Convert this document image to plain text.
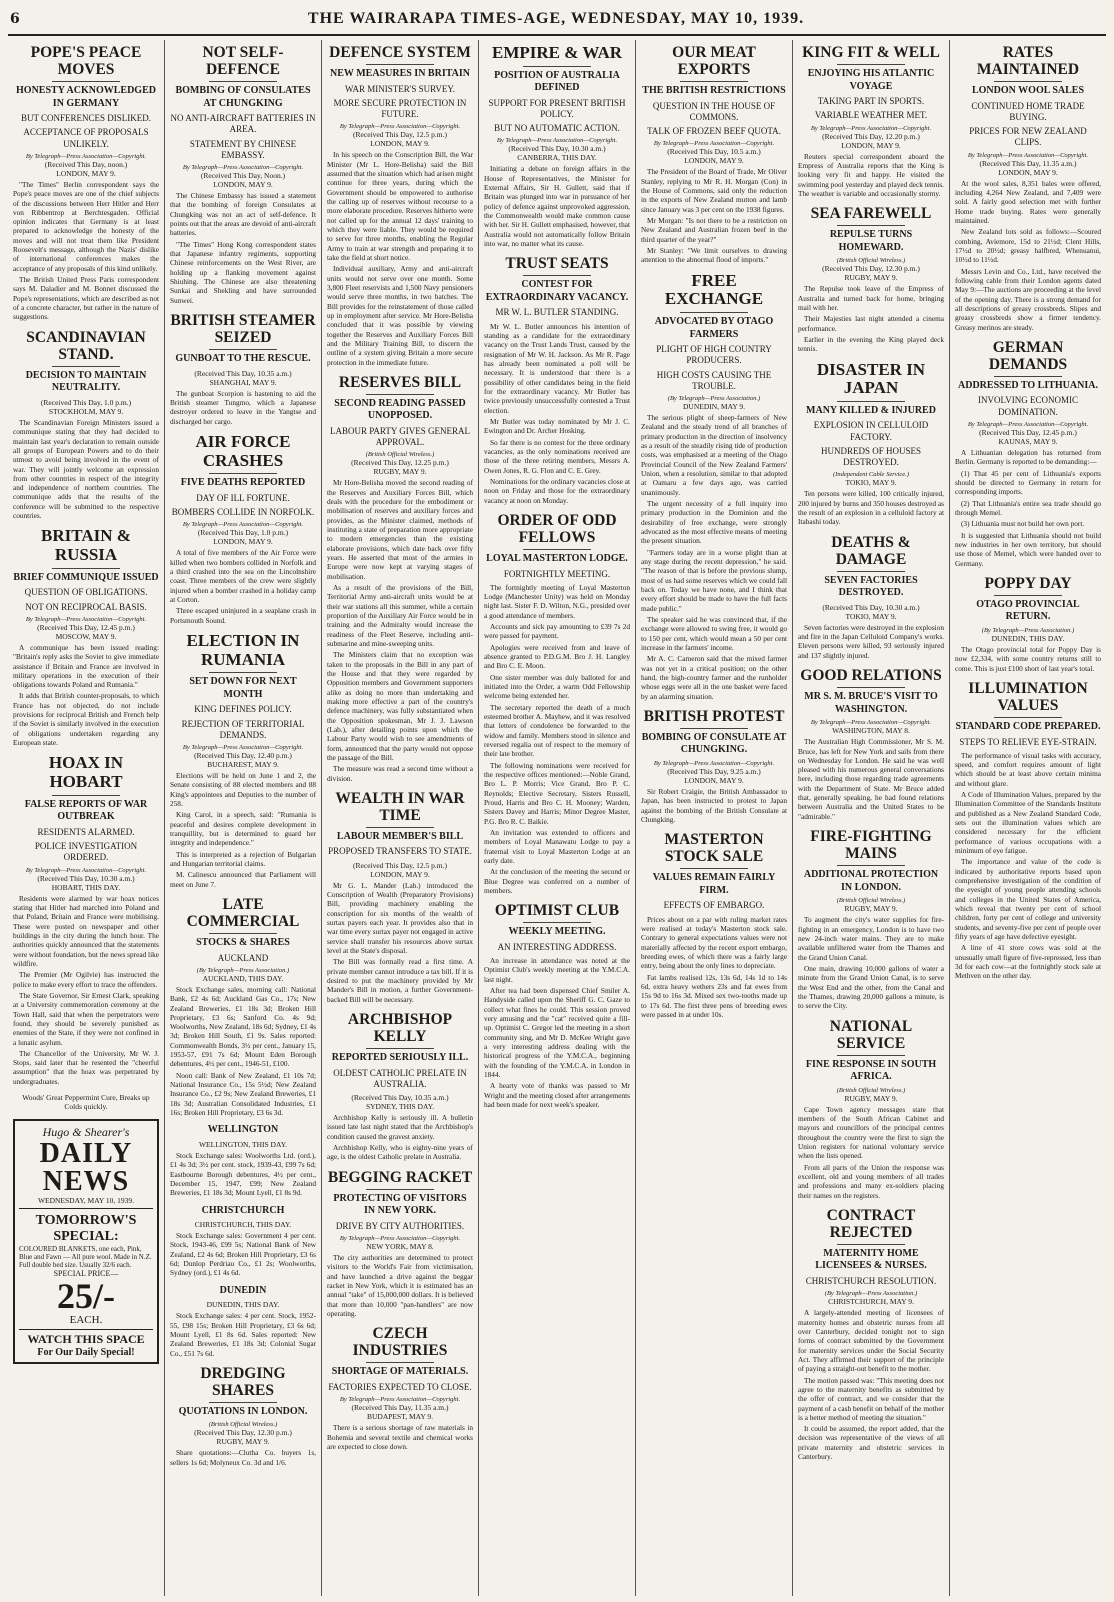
6	THE WAIRARAPA TIMES-AGE, WEDNESDAY, MAY 10, 1939.
POPE'S PEACE MOVES
HONESTY ACKNOWLEDGED IN GERMANY
BUT CONFERENCES DISLIKED.
ACCEPTANCE OF PROPOSALS UNLIKELY.
By Telegraph—Press Association—Copyright.
(Received This Day, noon.)
LONDON, MAY 9.

"The Times" Berlin correspondent says the Pope's peace moves are one of the chief subjects of the discussions between Herr Hitler and Herr von Ribbentrop at Berchtesgaden. Official opinion indicates that Germany is at least prepared to acknowledge the honesty of the moves and will not treat them like President Roosevelt's message, although the Nazis' dislike of international conferences makes the acceptance of any proposals of this kind unlikely.

The British United Press Paris correspondent says M. Daladier and M. Bonnet discussed the Pope's representations, which are described as not of a concrete character, but rather in the nature of suggestions.

SCANDINAVIAN STAND.
DECISION TO MAINTAIN NEUTRALITY.
(Received This Day, 1.0 p.m.)
STOCKHOLM, MAY 9.

The Scandinavian Foreign Ministers issued a communique stating that they had decided to maintain last year's declaration to remain outside all groups of European Powers and to do their utmost to avoid being involved in the event of war. They will jointly welcome an expression from other countries in respect of the integrity and independence of northern countries. The communique adds that the results of the conference will be submitted to the respective countries.

BRITAIN & RUSSIA
BRIEF COMMUNIQUE ISSUED
QUESTION OF OBLIGATIONS.
NOT ON RECIPROCAL BASIS.
By Telegraph—Press Association—Copyright.
(Received This Day, 12.45 p.m.)
MOSCOW, MAY 9.

A communique has been issued reading: "Britain's reply asks the Soviet to give immediate assistance if Britain and France are involved in military operations in the execution of their obligations towards Poland and Rumania."

It adds that British counter-proposals, to which France has not objected, do not include provisions for reciprocal British and French help if the Soviet is similarly involved in the execution of obligations undertaken regarding any European state.

HOAX IN HOBART
FALSE REPORTS OF WAR OUTBREAK
RESIDENTS ALARMED.
POLICE INVESTIGATION ORDERED.
By Telegraph—Press Association—Copyright.
(Received This Day, 10.30 a.m.)
HOBART, THIS DAY.

Residents were alarmed by war hoax notices stating that Hitler had marched into Poland and that Poland, Britain and France were mobilising. These were posted on newspaper and other buildings in the city during the lunch hour. The authorities quickly announced that the statements were without foundation, but the news spread like wildfire.

The Premier (Mr Ogilvie) has instructed the police to make every effort to trace the offenders.

The State Governor, Sir Ernest Clark, speaking at a University commemoration ceremony at the Town Hall, said that when the perpetrators were found, they should be severely punished as enemies of the State, if they were not confined in a lunatic asylum.

The Chancellor of the University, Mr W. J. Stops, said later that he resented the "cheerful assumption" that the hoax was perpetrated by undergraduates.

Woods' Great Peppermint Cure, Breaks up Colds quickly.
Hugo & Shearer's
DAILY NEWS
WEDNESDAY, MAY 10, 1939.
TOMORROW'S SPECIAL:
COLOURED BLANKETS, one each, Pink, Blue and Fawn — All pure wool. Made in N.Z. Full double bed size. Usually 32/6 each.
SPECIAL PRICE—
25/-
EACH.
WATCH THIS SPACE
For Our Daily Special!
NOT SELF-DEFENCE
BOMBING OF CONSULATES AT CHUNGKING
NO ANTI-AIRCRAFT BATTERIES IN AREA.
STATEMENT BY CHINESE EMBASSY.
By Telegraph—Press Association—Copyright.
(Received This Day, Noon.)
LONDON, MAY 9.

The Chinese Embassy has issued a statement that the bombing of foreign Consulates at Chungking was not an act of self-defence. It points out that the areas are devoid of anti-aircraft batteries.

"The Times" Hong Kong correspondent states that Japanese infantry regiments, supporting Chinese reinforcements on the West River, are holding up a flanking movement against Shiuhing. The Chinese are also threatening Sunkai and Shekling and have surrounded Sunwei.

BRITISH STEAMER SEIZED
GUNBOAT TO THE RESCUE.
(Received This Day, 10.35 a.m.)
SHANGHAI, MAY 9.

The gunboat Scorpion is hastening to aid the British steamer Tungmo, which a Japanese destroyer ordered to leave in the Yangtse and discharged her cargo.

AIR FORCE CRASHES
FIVE DEATHS REPORTED
DAY OF ILL FORTUNE.
BOMBERS COLLIDE IN NORFOLK.
By Telegraph—Press Association—Copyright.
(Received This Day, 1.0 p.m.)
LONDON, MAY 9.

A total of five members of the Air Force were killed when two bombers collided in Norfolk and a third crashed into the sea on the Lincolnshire coast. Three members of the crew were slightly injured when a bomber crashed in a holiday camp at Corton.

Three escaped uninjured in a seaplane crash in Portsmouth Sound.

ELECTION IN RUMANIA
SET DOWN FOR NEXT MONTH
KING DEFINES POLICY.
REJECTION OF TERRITORIAL DEMANDS.
By Telegraph—Press Association—Copyright.
(Received This Day, 12.40 p.m.)
BUCHAREST, MAY 9.

Elections will be held on June 1 and 2, the Senate consisting of 88 elected members and 88 King's appointees and Deputies to the number of 258.

King Carol, in a speech, said: "Rumania is peaceful and desires complete development in tranquillity, but is determined to guard her integrity and independence."

This is interpreted as a rejection of Bulgarian and Hungarian territorial claims.

M. Calinescu announced that Parliament will meet on June 7.

LATE COMMERCIAL
STOCKS & SHARES
AUCKLAND
(By Telegraph—Press Association.)
AUCKLAND, THIS DAY.

Stock Exchange sales, morning call: National Bank, £2 4s 6d; Auckland Gas Co., 17s; New Zealand Breweries, £1 18s 3d; Broken Hill Proprietary, £3 6s; Sanford Co. 4s 9d; Woolworths, New Zealand, 18s 6d; Sydney, £1 4s 3d; Broken Hill South, £1 9s. Sales reported: Commonwealth Bonds, 3½ per cent., January 15, 1953-57, £91 7s 6d; Mount Eden Borough debentures, 4½ per cent., 1946-51, £100.

Noon call: Bank of New Zealand, £1 10s 7d; National Insurance Co., 15s 5½d; New Zealand Insurance Co., £2 9s; New Zealand Breweries, £1 18s 3d; Australian Consolidated Industries, £1 16s; Broken Hill Proprietary, £3 6s 3d.

WELLINGTON
WELLINGTON, THIS DAY.

Stock Exchange sales: Woolworths Ltd. (ord.), £1 4s 3d; 3½ per cent. stock, 1939-43, £99 7s 6d; Eastbourne Borough debentures, 4½ per cent., December 15, 1947, £99; New Zealand Breweries, £1 18s 3d; Mount Lyell, £1 8s 9d.

CHRISTCHURCH
CHRISTCHURCH, THIS DAY.

Stock Exchange sales: Government 4 per cent. Stock, 1943-46, £99 5s; National Bank of New Zealand, £2 4s 6d; Broken Hill Proprietary, £3 6s 6d; Dunlop Perdriau Co., £1 2s; Woolworths, Sydney (ord.), £1 4s 6d.

DUNEDIN
DUNEDIN, THIS DAY.

Stock Exchange sales: 4 per cent. Stock, 1952-55, £98 15s; Broken Hill Proprietary, £3 6s 6d; Mount Lyell, £1 8s 6d. Sales reported: New Zealand Breweries, £1 18s 3d; Colonial Sugar Co., £51 7s 6d.

DREDGING SHARES
QUOTATIONS IN LONDON.
(British Official Wireless.)
(Received This Day, 12.30 p.m.)
RUGBY, MAY 9.

Share quotations:—Clutha Co. buyers 1s, sellers 1s 6d; Molyneux Co. 3d and 1/6.

DEFENCE SYSTEM
NEW MEASURES IN BRITAIN
WAR MINISTER'S SURVEY.
MORE SECURE PROTECTION IN FUTURE.
By Telegraph—Press Association—Copyright.
(Received This Day, 12.5 p.m.)
LONDON, MAY 9.

In his speech on the Conscription Bill, the War Minister (Mr L. Hore-Belisha) said the Bill assumed that the situation which had arisen might continue for three years, during which the Government should be empowered to authorise the calling up of reserves without recourse to a more elaborate procedure. Reserves hitherto were not called up for the annual 12 days' training to which they were liable. They would be required to serve for three months, enabling the Regular Army to train at war strength and preparing it to take the field at short notice.

Individual auxiliary, Army and anti-aircraft units would not serve over one month. Some 3,800 Fleet reservists and 1,500 Navy pensioners would serve three months, in two batches. The Bill provides for the reinstatement of those called up in employment after service. Mr Hore-Belisha concluded that it was possible by viewing together the Reserves and Auxiliary Forces Bill and the Military Training Bill, to discern the outline of a system giving Britain a more secure protection in the immediate future.

RESERVES BILL
SECOND READING PASSED UNOPPOSED.
LABOUR PARTY GIVES GENERAL APPROVAL.
(British Official Wireless.)
(Received This Day, 12.25 p.m.)
RUGBY, MAY 9.

Mr Hore-Belisha moved the second reading of the Reserves and Auxiliary Forces Bill, which deals with the procedure for the embodiment or mobilisation of reserves and auxiliary forces and provides, as the Minister claimed, methods of instituting a state of preparation more appropriate to modern emergencies than the existing elaborate provisions, which date back over fifty years. He asserted that most of the armies in Europe were now kept at varying stages of mobilisation.

As a result of the provisions of the Bill, Territorial Army anti-aircraft units would be at their war stations all this summer, while a certain proportion of the Auxiliary Air Force would be in training and the Admiralty would increase the readiness of the Fleet Reserve, including anti-submarine and mine-sweeping units.

The Ministers claim that no exception was taken to the proposals in the Bill in any part of the House and that they were regarded by Opposition members and Government supporters alike as doing no more than undertaking and making more effective a part of the country's defence machinery, was fully substantiated when the Opposition spokesman, Mr J. J. Lawson (Lab.), after detailing points upon which the Labour Party would wish to see amendments of form, announced that the party would not oppose the passage of the Bill.

The measure was read a second time without a division.

WEALTH IN WAR TIME
LABOUR MEMBER'S BILL
PROPOSED TRANSFERS TO STATE.
(Received This Day, 12.5 p.m.)
LONDON, MAY 9.

Mr G. L. Mander (Lab.) introduced the Conscription of Wealth (Preparatory Provisions) Bill, providing machinery enabling the conscription for six months of the wealth of surtax payers each year. It provides also that in war time every surtax payer not engaged in active service shall transfer his resources above surtax level at the State's disposal.

The Bill was formally read a first time. A private member cannot introduce a tax bill. If it is desired to put the machinery provided by Mr Mander's Bill in motion, a further Government-backed Bill will be necessary.

ARCHBISHOP KELLY
REPORTED SERIOUSLY ILL.
OLDEST CATHOLIC PRELATE IN AUSTRALIA.
(Received This Day, 10.35 a.m.)
SYDNEY, THIS DAY.

Archbishop Kelly is seriously ill. A bulletin issued late last night stated that the Archbishop's condition caused the gravest anxiety.

Archbishop Kelly, who is eighty-nine years of age, is the oldest Catholic prelate in Australia.

BEGGING RACKET
PROTECTING OF VISITORS IN NEW YORK.
DRIVE BY CITY AUTHORITIES.
By Telegraph—Press Association—Copyright.
NEW YORK, MAY 8.

The city authorities are determined to protect visitors to the World's Fair from victimisation, and have launched a drive against the beggar racket in New York, which it is estimated has an annual "take" of 15,000,000 dollars. It is believed that more than 10,000 "pan-handlers" are now operating.

CZECH INDUSTRIES
SHORTAGE OF MATERIALS.
FACTORIES EXPECTED TO CLOSE.
By Telegraph—Press Association—Copyright.
(Received This Day, 11.35 a.m.)
BUDAPEST, MAY 9.

There is a serious shortage of raw materials in Bohemia and several textile and chemical works are expected to close down.

EMPIRE & WAR
POSITION OF AUSTRALIA DEFINED
SUPPORT FOR PRESENT BRITISH POLICY.
BUT NO AUTOMATIC ACTION.
By Telegraph—Press Association—Copyright.
(Received This Day, 10.30 a.m.)
CANBERRA, THIS DAY.

Initiating a debate on foreign affairs in the House of Representatives, the Minister for External Affairs, Sir H. Gullett, said that if Britain was plunged into war in pursuance of her policy of defence against unprovoked aggression, the Commonwealth would make common cause with her. Sir H. Gullett emphasised, however, that Australia would not automatically follow Britain into war, no matter what its cause.

TRUST SEATS
CONTEST FOR EXTRAORDINARY VACANCY.
MR W. L. BUTLER STANDING.

Mr W. L. Butler announces his intention of standing as a candidate for the extraordinary vacancy on the Trust Lands Trust, caused by the resignation of Mr W. H. Jackson. As Mr R. Page has already been nominated a poll will be necessary. It is understood that there is a possibility of other candidates being in the field for the extraordinary vacancy. Mr Butler has twice previously unsuccessfully contested a Trust election.

Mr Butler was today nominated by Mr J. C. Ewington and Dr. Archer Hosking.

So far there is no contest for the three ordinary vacancies, as the only nominations received are those of the three retiring members, Messrs A. Owen Jones, R. G. Flon and C. E. Grey.

Nominations for the ordinary vacancies close at noon on Friday and those for the extraordinary vacancy at noon on Monday.

ORDER OF ODD FELLOWS
LOYAL MASTERTON LODGE.
FORTNIGHTLY MEETING.

The fortnightly meeting of Loyal Masterton Lodge (Manchester Unity) was held on Monday night last. Sister F. D. Wilton, N.G., presided over a good attendance of members.

Accounts and sick pay amounting to £39 7s 2d were passed for payment.

Apologies were received from and leave of absence granted to P.D.G.M. Bro J. H. Langley and Bro C. E. Moon.

One sister member was duly balloted for and initiated into the Order, a warm Odd Fellowship welcome being extended her.

The secretary reported the death of a much esteemed brother A. Mayhew, and it was resolved that letters of condolence be forwarded to the widow and family. Members stood in silence and reversed regalia out of respect to the memory of their late brother.

The following nominations were received for the respective offices mentioned:—Noble Grand, Bro L. P. Morris; Vice Grand, Bro P. C. Reynolds; Elective Secretary, Sisters Russell, Proud, Harris and Bro C. H. Mooney; Warden, Sisters Davey and Harris; Minor Degree Master, P.G. Bro R. C. Baikie.

An invitation was extended to officers and members of Loyal Manawatu Lodge to pay a fraternal visit to Loyal Masterton Lodge at an early date.

At the conclusion of the meeting the second or Blue Degree was conferred on a number of members.

OPTIMIST CLUB
WEEKLY MEETING.
AN INTERESTING ADDRESS.

An increase in attendance was noted at the Optimist Club's weekly meeting at the Y.M.C.A. last night.

After tea had been dispensed Chief Smiler A. Handyside called upon the Sheriff G. C. Gaze to collect what fines he could. This session proved very amusing and the "cat" received quite a fill-up. Optimist C. Gregor led the meeting in a short community sing, and Mr D. McKee Wright gave a very interesting address dealing with the historical progress of the Y.M.C.A., beginning with the founding of the Y.M.C.A. in London in 1844.

A hearty vote of thanks was passed to Mr Wright and the meeting closed after arrangements had been made for next week's speaker.

OUR MEAT EXPORTS
THE BRITISH RESTRICTIONS
QUESTION IN THE HOUSE OF COMMONS.
TALK OF FROZEN BEEF QUOTA.
By Telegraph—Press Association—Copyright.
(Received This Day, 10.5 a.m.)
LONDON, MAY 9.

The President of the Board of Trade, Mr Oliver Stanley, replying to Mr R. H. Morgan (Con) in the House of Commons, said only the reduction in the exports of New Zealand mutton and lamb since January was 3 per cent on the 1938 figures.

Mr Morgan: "Is not there to be a restriction on New Zealand and Australian frozen beef in the third quarter of the year?"

Mr Stanley: "We limit ourselves to drawing attention to the abnormal flood of imports."

FREE EXCHANGE
ADVOCATED BY OTAGO FARMERS
PLIGHT OF HIGH COUNTRY PRODUCERS.
HIGH COSTS CAUSING THE TROUBLE.
(By Telegraph—Press Association.)
DUNEDIN, MAY 9.

The serious plight of sheep-farmers of New Zealand and the steady trend of all branches of primary production in the direction of insolvency as a result of the steadily rising tide of production costs, was emphasised at a meeting of the Otago Provincial Council of the New Zealand Farmers' Union, when a resolution, similar to that adopted at Oamaru a few days ago, was carried unanimously.

The urgent necessity of a full inquiry into primary production in the Dominion and the desirability of free exchange, were strongly advocated as the most effective means of meeting the present situation.

"Farmers today are in a worse plight than at any stage during the recent depression," he said. "The reason of that is before the previous slump, most of us had some reserves which we could fall back on. Today we have none, and I think that every effort should be made to have the full facts made public."

The speaker said he was convinced that, if the exchange were allowed to swing free, it would go to 150 per cent, which would mean a 50 per cent increase in the farmers' income.

Mr A. C. Cameron said that the mixed farmer was not yet in a critical position; on the other hand, the high-country farmer and the runholder whose eggs were all in the one basket were faced by an alarming situation.

BRITISH PROTEST
BOMBING OF CONSULATE AT CHUNGKING.
By Telegraph—Press Association—Copyright.
(Received This Day, 9.25 a.m.)
LONDON, MAY 9.

Sir Robert Craigie, the British Ambassador to Japan, has been instructed to protest to Japan against the bombing of the British Consulate at Chungking.

MASTERTON STOCK SALE
VALUES REMAIN FAIRLY FIRM.
EFFECTS OF EMBARGO.

Prices about on a par with ruling market rates were realised at today's Masterton stock sale. Contrary to general expectations values were not materially affected by the recent export embargo, breeding ewes, of which there was a fairly large entry, being about the only lines to depreciate.

Fat lambs realised 12s, 13s 6d, 14s 1d to 14s 6d, extra heavy wethers 23s and fat ewes from 15s 9d to 16s 3d. Mixed sex two-tooths made up to 17s 6d. The first three pens of breeding ewes were passed in at under 10s.

KING FIT & WELL
ENJOYING HIS ATLANTIC VOYAGE
TAKING PART IN SPORTS.
VARIABLE WEATHER MET.
By Telegraph—Press Association—Copyright.
(Received This Day, 12.20 p.m.)
LONDON, MAY 9.

Reuters special correspondent aboard the Empress of Australia reports that the King is looking very fit and happy. He visited the swimming pool yesterday and played deck tennis. The weather is variable and occasionally stormy.

SEA FAREWELL
REPULSE TURNS HOMEWARD.
(British Official Wireless.)
(Received This Day, 12.30 p.m.)
RUGBY, MAY 9.

The Repulse took leave of the Empress of Australia and turned back for home, bringing mail with her.

Their Majesties last night attended a cinema performance.

Earlier in the evening the King played deck tennis.

DISASTER IN JAPAN
MANY KILLED & INJURED
EXPLOSION IN CELLULOID FACTORY.
HUNDREDS OF HOUSES DESTROYED.
(Independent Cable Service.)
TOKIO, MAY 9.

Ten persons were killed, 100 critically injured, 200 injured by burns and 350 houses destroyed as the result of an explosion in a celluloid factory at Itabashi today.

DEATHS & DAMAGE
SEVEN FACTORIES DESTROYED.
(Received This Day, 10.30 a.m.)
TOKIO, MAY 9.

Seven factories were destroyed in the explosion and fire in the Japan Celluloid Company's works. Eleven persons were killed, 93 seriously injured and 137 slightly injured.

GOOD RELATIONS
MR S. M. BRUCE'S VISIT TO WASHINGTON.
By Telegraph—Press Association—Copyright.
WASHINGTON, MAY 8.

The Australian High Commissioner, Mr S. M. Bruce, has left for New York and sails from there on Wednesday for London. He said he was well pleased with his numerous general conversations here, including those regarding trade agreements with the Department of State. Mr Bruce added that, generally speaking, he had found relations between Australia and the United States to be "admirable."

FIRE-FIGHTING MAINS
ADDITIONAL PROTECTION IN LONDON.
(British Official Wireless.)
RUGBY, MAY 9.

To augment the city's water supplies for fire-fighting in an emergency, London is to have two new 24-inch water mains. They are to make available unfiltered water from the Thames and the Grand Union Canal.

One main, drawing 10,000 gallons of water a minute from the Grand Union Canal, is to serve the West End and the other, from the Canal and the Thames, drawing 20,000 gallons a minute, is to serve the City.

NATIONAL SERVICE
FINE RESPONSE IN SOUTH AFRICA.
(British Official Wireless.)
RUGBY, MAY 9.

Cape Town agency messages state that members of the South African Cabinet and mayors and councillors of the principal centres throughout the country were the first to sign the Union registers for national voluntary service when the lists opened.

From all parts of the Union the response was excellent, old and young members of all trades and professions and many ex-soldiers placing their names on the registers.

CONTRACT REJECTED
MATERNITY HOME LICENSEES & NURSES.
CHRISTCHURCH RESOLUTION.
(By Telegraph—Press Association.)
CHRISTCHURCH, MAY 9.

A largely-attended meeting of licensees of maternity homes and obstetric nurses from all over Canterbury, decided tonight not to sign forms of contract submitted by the Government for maternity services under the Social Security Act. They affirmed their support of the principle of paying a straight-out benefit to the mother.

The motion passed was: "This meeting does not agree to the maternity benefits as submitted by the offer of contract, and we consider that the payment of a cash benefit on behalf of the mother is a better method of meeting the situation."

It could be assumed, the report added, that the decision was representative of the views of all private maternity and obstetric services in Canterbury.

RATES MAINTAINED
LONDON WOOL SALES
CONTINUED HOME TRADE BUYING.
PRICES FOR NEW ZEALAND CLIPS.
By Telegraph—Press Association—Copyright.
(Received This Day, 11.35 a.m.)
LONDON, MAY 9.

At the wool sales, 8,351 bales were offered, including 4,264 New Zealand, and 7,409 were sold. A fairly good selection met with further Home trade buying. Rates were generally maintained.

New Zealand lots sold as follows:—Scoured combing, Aviemore, 15d to 21½d; Clent Hills, 17½d to 20½d; greasy halfbred, Whenuanui, 10½d to 11½d.

Messrs Levin and Co., Ltd., have received the following cable from their London agents dated May 9:—The auctions are proceeding at the level of the opening day. There is a strong demand for all descriptions of greasy crossbreds. Slipes and greasy crossbreds show a firmer tendency. Greasy merinos are steady.

GERMAN DEMANDS
ADDRESSED TO LITHUANIA.
INVOLVING ECONOMIC DOMINATION.
By Telegraph—Press Association—Copyright.
(Received This Day, 12.45 p.m.)
KAUNAS, MAY 9.

A Lithuanian delegation has returned from Berlin. Germany is reported to be demanding:—

(1) That 45 per cent of Lithuania's exports should be directed to Germany in return for corresponding imports.

(2) That Lithuania's entire sea trade should go through Memel.

(3) Lithuania must not build her own port.

It is suggested that Lithuania should not build new industries in her own territory, but should use those of Memel, which were handed over to Germany.

POPPY DAY
OTAGO PROVINCIAL RETURN.
(By Telegraph—Press Association.)
DUNEDIN, THIS DAY.

The Otago provincial total for Poppy Day is now £2,334, with some country returns still to come. This is just £100 short of last year's total.

ILLUMINATION VALUES
STANDARD CODE PREPARED.
STEPS TO RELIEVE EYE-STRAIN.

The performance of visual tasks with accuracy, speed, and comfort requires amount of light which should be at least above certain minima and without glare.

A Code of Illumination Values, prepared by the Illumination Committee of the Standards Institute and published as a New Zealand Standard Code, sets out the illumination values which are considered necessary for the efficient performance of various occupations with a minimum of eye fatigue.

The importance and value of the code is indicated by authoritative reports based upon comprehensive investigation of the condition of the eyesight of young people attending schools and colleges in the United States of America, which reveal that twenty per cent of school children, forty per cent of college and university students, and seventy-five per cent of people over fifty years of age have defective eyesight.

A line of 41 store cows was sold at the unusually small figure of five-repressed, less than 3d for each cow—at the fortnightly stock sale at Methven on the other day.
